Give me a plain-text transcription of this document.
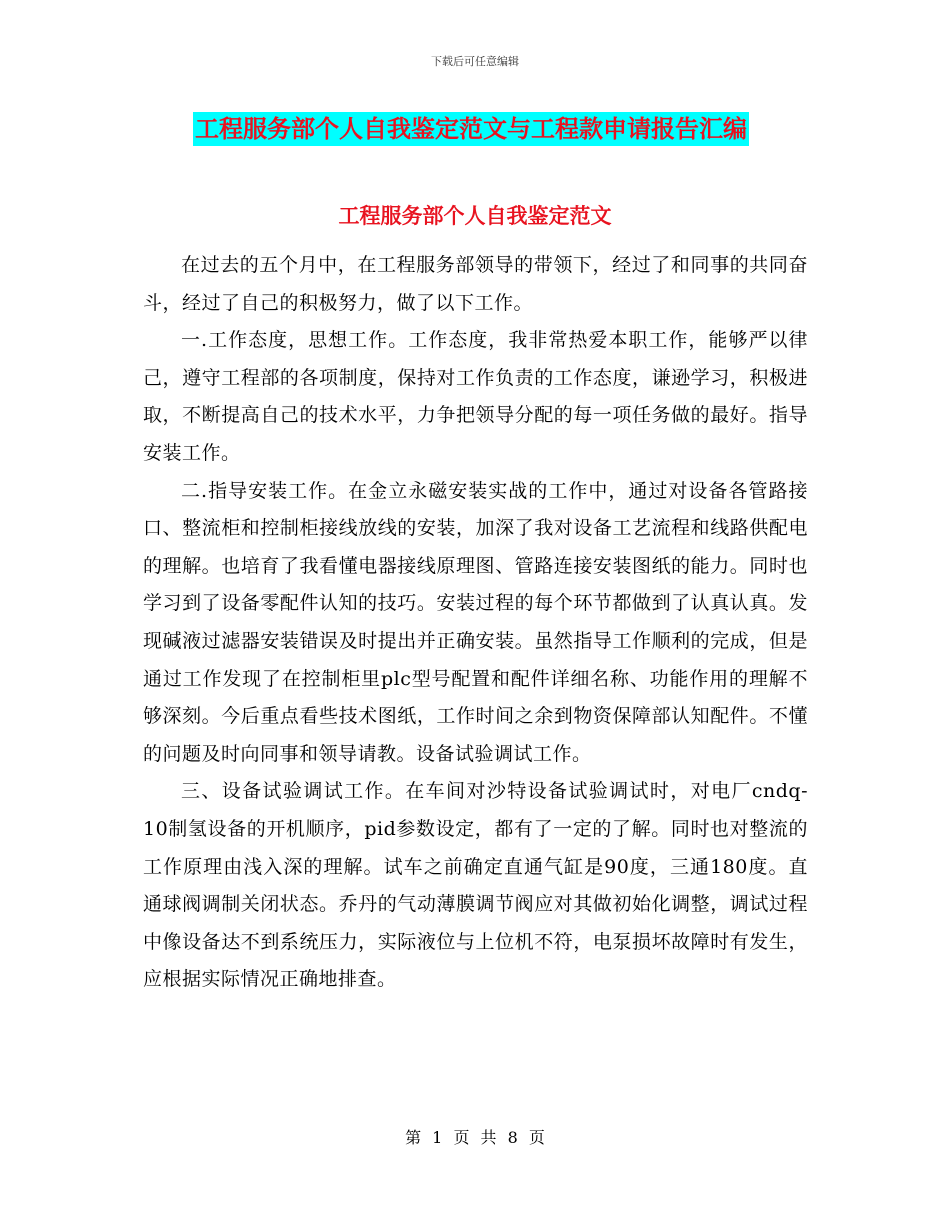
下载后可任意编辑
工程服务部个人自我鉴定范文与工程款申请报告汇编
工程服务部个人自我鉴定范文

在过去的五个月中，在工程服务部领导的带领下，经过了和同事的共同奋斗，经过了自己的积极努力，做了以下工作。

一.工作态度，思想工作。工作态度，我非常热爱本职工作，能够严以律己，遵守工程部的各项制度，保持对工作负责的工作态度，谦逊学习，积极进取，不断提高自己的技术水平，力争把领导分配的每一项任务做的最好。指导安装工作。

二.指导安装工作。在金立永磁安装实战的工作中，通过对设备各管路接口、整流柜和控制柜接线放线的安装，加深了我对设备工艺流程和线路供配电的理解。也培育了我看懂电器接线原理图、管路连接安装图纸的能力。同时也学习到了设备零配件认知的技巧。安装过程的每个环节都做到了认真认真。发现碱液过滤器安装错误及时提出并正确安装。虽然指导工作顺利的完成，但是通过工作发现了在控制柜里plc型号配置和配件详细名称、功能作用的理解不够深刻。今后重点看些技术图纸，工作时间之余到物资保障部认知配件。不懂的问题及时向同事和领导请教。设备试验调试工作。

三、设备试验调试工作。在车间对沙特设备试验调试时，对电厂cndq-10制氢设备的开机顺序，pid参数设定，都有了一定的了解。同时也对整流的工作原理由浅入深的理解。试车之前确定直通气缸是90度，三通180度。直通球阀调制关闭状态。乔丹的气动薄膜调节阀应对其做初始化调整，调试过程中像设备达不到系统压力，实际液位与上位机不符，电泵损坏故障时有发生，应根据实际情况正确地排查。

第 1 页 共 8 页
